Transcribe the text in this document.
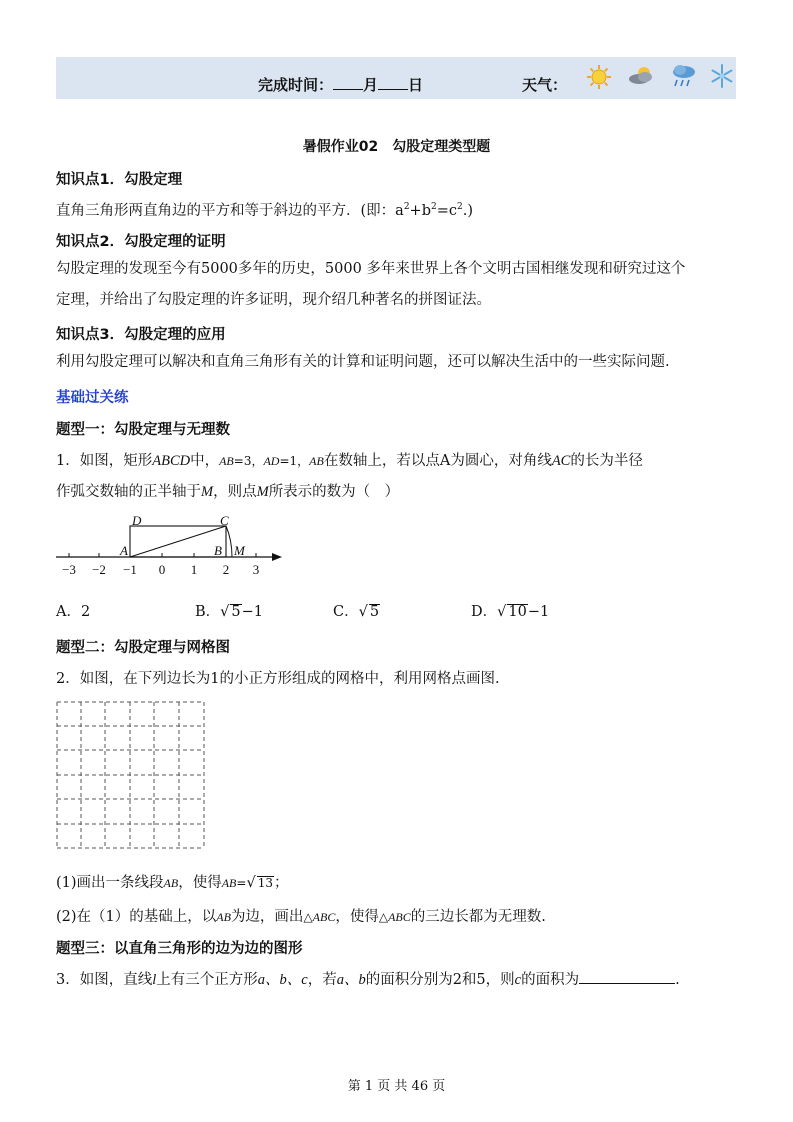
完成时间： 月 日	天气：
暑假作业02　勾股定理类型题
知识点1．勾股定理
直角三角形两直角边的平方和等于斜边的平方．(即：$a^2+b^2=c^2$.)
知识点2．勾股定理的证明
勾股定理的发现至今有5000多年的历史，5000 多年来世界上各个文明古国相继发现和研究过这个
定理，并给出了勾股定理的许多证明，现介绍几种著名的拼图证法。
知识点3．勾股定理的应用
利用勾股定理可以解决和直角三角形有关的计算和证明问题，还可以解决生活中的一些实际问题.
基础过关练
题型一：勾股定理与无理数
1．如图，矩形ABCD中，AB=3，AD=1，AB在数轴上，若以点A为圆心，对角线AC的长为半径
作弧交数轴的正半轴于M，则点M所表示的数为（　）
D	C
A	B M
−3 −2 −1 0 1 2 3
A．2	B．√ 5−1	C．√ 5	D．√ 10−1
题型二：勾股定理与网格图
2．如图，在下列边长为1的小正方形组成的网格中，利用网格点画图.
(1)画出一条线段AB，使得AB=√ 13；
(2)在（1）的基础上，以AB为边，画出△ABC，使得△ABC的三边长都为无理数.
题型三：以直角三角形的边为边的图形
3．如图，直线l上有三个正方形a、b、c，若a、b的面积分别为2和5，则c的面积为	.
第 1 页 共 46 页
